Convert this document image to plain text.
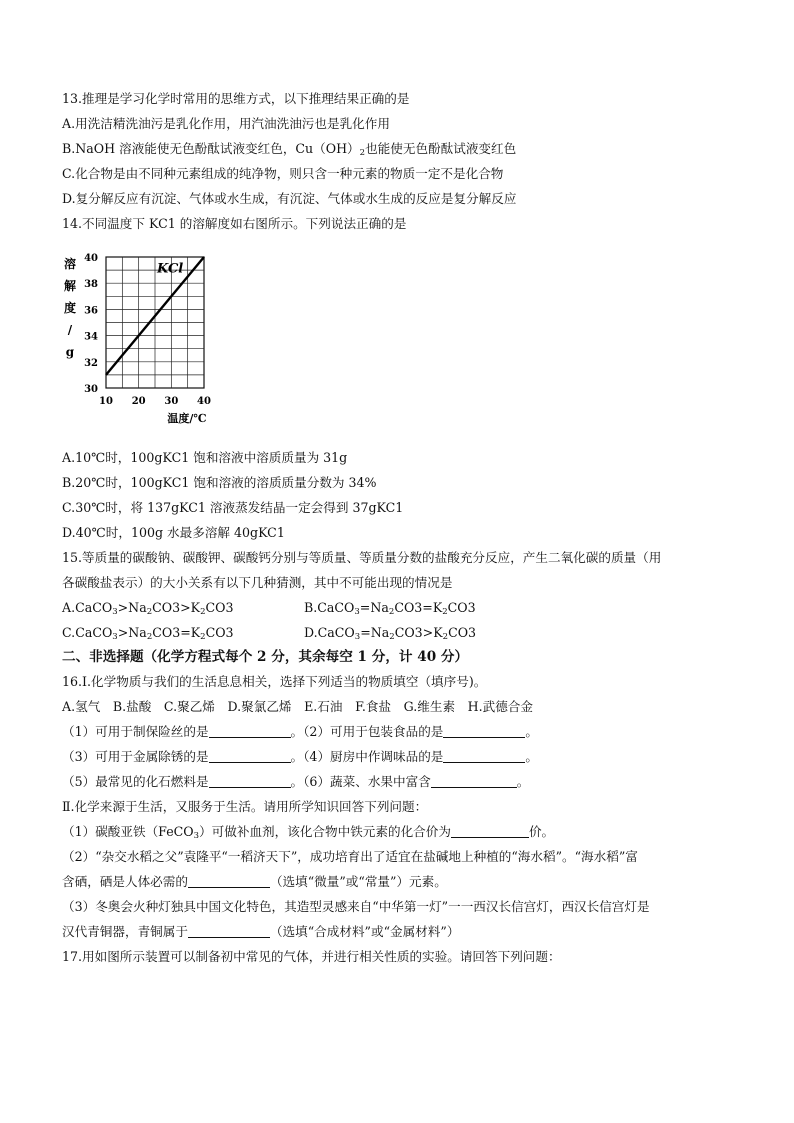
13.推理是学习化学时常用的思维方式，以下推理结果正确的是
A.用洗洁精洗油污是乳化作用，用汽油洗油污也是乳化作用
B.NaOH 溶液能使无色酚酞试液变红色，$Cu(OH)_2$也能使无色酚酞试液变红色
C.化合物是由不同种元素组成的纯净物，则只含一种元素的物质一定不是化合物
D.复分解反应有沉淀、气体或水生成，有沉淀、气体或水生成的反应是复分解反应
14.不同温度下 KC1 的溶解度如右图所示。下列说法正确的是
溶
解
度
/
g
30
32
34
36
38
40
10 20 30 40
KCl
温度/℃
A.10℃时，100gKC1 饱和溶液中溶质质量为 31g
B.20℃时，100gKC1 饱和溶液的溶质质量分数为 34%
C.30℃时，将 137gKC1 溶液蒸发结晶一定会得到 37gKC1
D.40℃时，100g 水最多溶解 40gKC1
15.等质量的碳酸钠、碳酸钾、碳酸钙分别与等质量、等质量分数的盐酸充分反应，产生二氧化碳的质量（用
各碳酸盐表示）的大小关系有以下几种猜测，其中不可能出现的情况是
$A.CaCO_3>Na_2CO3>K_2CO3$	$B.CaCO_3=Na_2CO3=K_2CO3$
$C.CaCO_3>Na_2CO3=K_2CO3$	$D.CaCO_3=Na_2CO3>K_2CO3$
二、非选择题（化学方程式每个 2 分，其余每空 1 分，计 40 分）
16.I.化学物质与我们的生活息息相关，选择下列适当的物质填空（填序号)。
A.氢气　B.盐酸　C.聚乙烯　D.聚氯乙烯　E.石油　F.食盐　G.维生素　H.武德合金
（1）可用于制保险丝的是	。（2）可用于包装食品的是	。
（3）可用于金属除锈的是	。（4）厨房中作调味品的是	。
（5）最常见的化石燃料是	。（6）蔬菜、水果中富含	。
Ⅱ.化学来源于生活，又服务于生活。请用所学知识回答下列问题：
（1）碳酸亚铁（FeCO$_3$）可做补血剂，该化合物中铁元素的化合价为	价。
（2）“杂交水稻之父”袁隆平“一稻济天下”，成功培育出了适宜在盐碱地上种植的“海水稻”。“海水稻”富
含硒，硒是人体必需的	（选填“微量”或“常量”）元素。
（3）冬奥会火种灯独具中国文化特色，其造型灵感来自“中华第一灯”一一西汉长信宫灯，西汉长信宫灯是
汉代青铜器，青铜属于	（选填“合成材料”或“金属材料”）
17.用如图所示装置可以制备初中常见的气体，并进行相关性质的实验。请回答下列问题：
